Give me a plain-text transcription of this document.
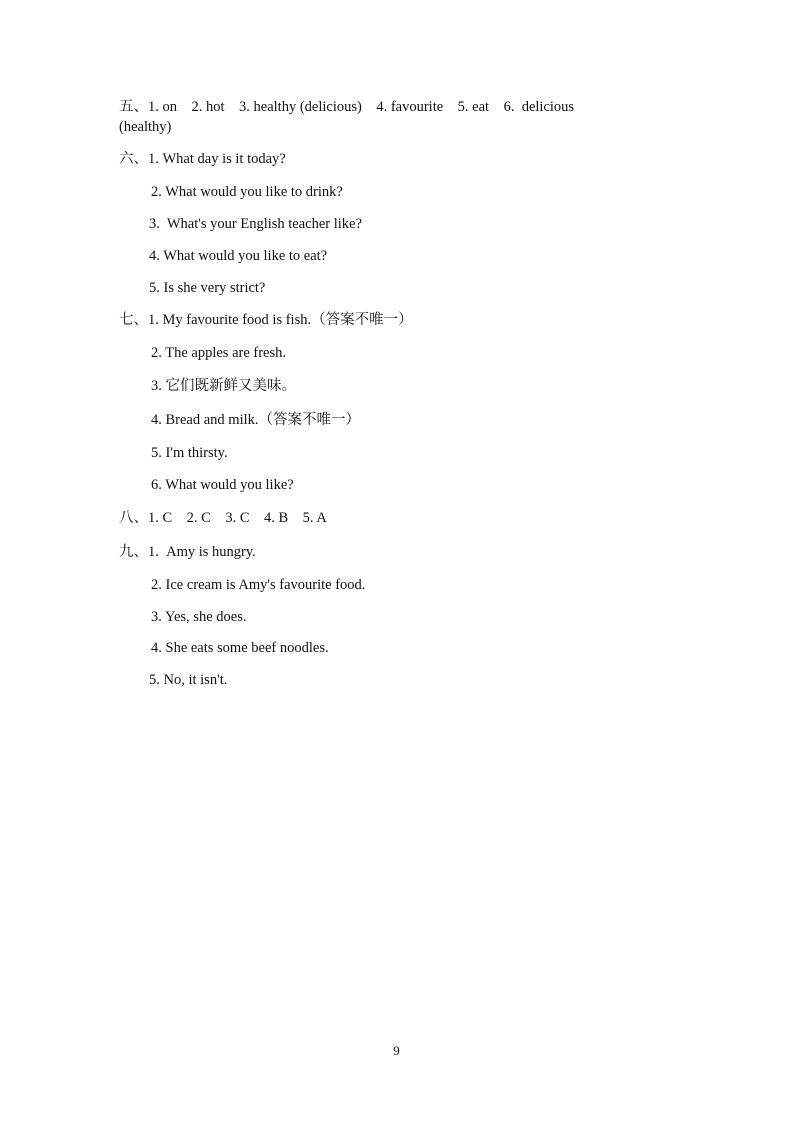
五、1. on    2. hot    3. healthy (delicious)    4. favourite    5. eat    6.  delicious
(healthy)
六、1. What day is it today?
2. What would you like to drink?
3.  What's your English teacher like?
4. What would you like to eat?
5. Is she very strict?
七、1. My favourite food is fish.（答案不唯一）
2. The apples are fresh.
3. 它们既新鲜又美味。
4. Bread and milk.（答案不唯一）
5. I'm thirsty.
6. What would you like?
八、1. C    2. C    3. C    4. B    5. A
九、1.  Amy is hungry.
2. Ice cream is Amy's favourite food.
3. Yes, she does.
4. She eats some beef noodles.
5. No, it isn't.
9
